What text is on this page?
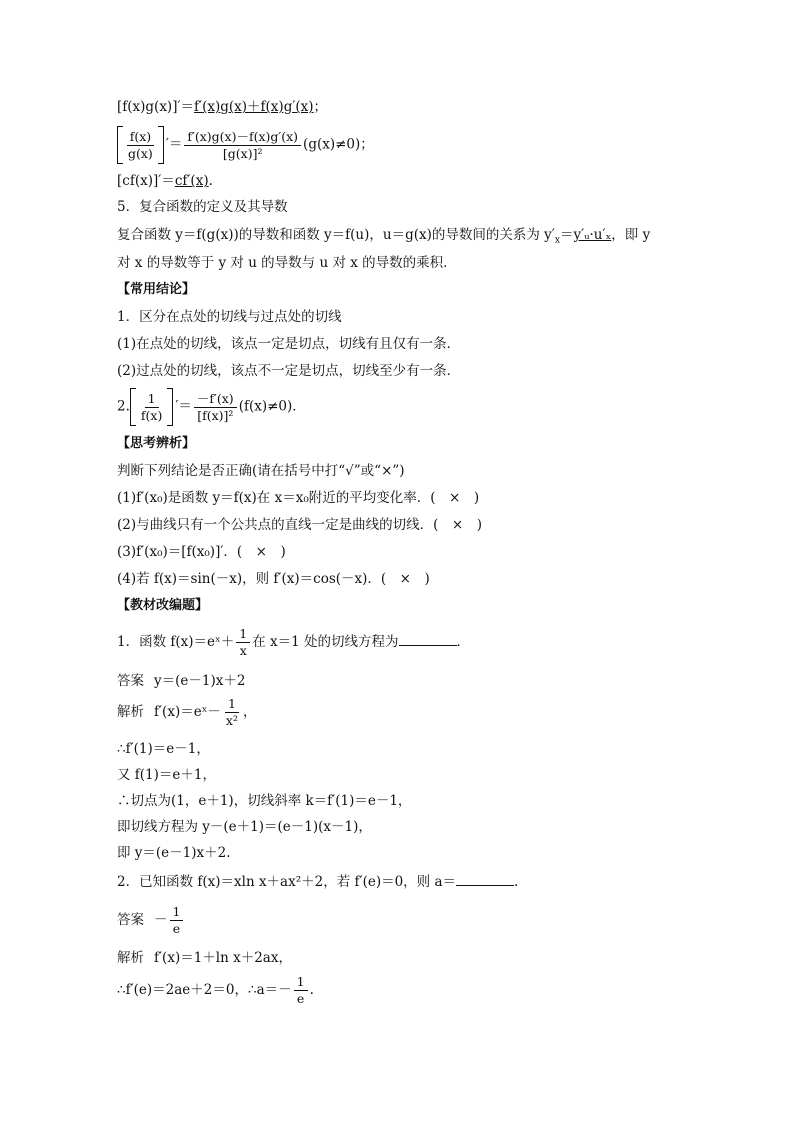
[f(x)g(x)]′＝f′(x)g(x)＋f(x)g′(x)；
$\frac{f(x)}{g(x)}$ ′＝ $\frac{f'(x)g(x)-f(x)g'(x)}{\text{[g(x)]²}} (g(x)\ne 0)$；
[cf(x)]′＝cf′(x).
5．复合函数的定义及其导数
复合函数 y＝f(g(x))的导数和函数 y＝f(u)，u＝g(x)的导数间的关系为 $y'_x=y'ᵤ\cdot u'_x$，即 y
对 x 的导数等于 y 对 u 的导数与 u 对 x 的导数的乘积．
【常用结论】
1．区分在点处的切线与过点处的切线
(1)在点处的切线，该点一定是切点，切线有且仅有一条．
(2)过点处的切线，该点不一定是切点，切线至少有一条．
2. $\frac{1}{f(x)}$ ′＝ $\frac{-f'(x)}{\text{[f(x)]²}} (f(x)\ne 0)$．
【思考辨析】
判断下列结论是否正确(请在括号中打“√”或“×”)
(1)f′(x₀)是函数 y＝f(x)在 x＝x₀附近的平均变化率．(　×　)
(2)与曲线只有一个公共点的直线一定是曲线的切线．(　×　)
(3)f′(x₀)＝[f(x₀)]′．(　×　)
(4)若 f(x)＝sin(－x)，则 f′(x)＝cos(－x)．(　×　)
【教材改编题】
1．函数 f(x)＝eˣ＋ $\frac{1}{x}$ 在 x＝1 处的切线方程为	．
答案 y＝(e－1)x＋2
解析 f′(x)＝eˣ－ $\frac{1}{\text{x²}}$ ，
∴f′(1)＝e－1，
又 f(1)＝e＋1，
∴切点为(1，e＋1)，切线斜率 k＝f′(1)＝e－1，
即切线方程为 y－(e＋1)＝(e－1)(x－1)，
即 y＝(e－1)x＋2.
2．已知函数 f(x)＝xln x＋ax²＋2，若 f′(e)＝0，则 a＝	.
答案 － $\frac{1}{e}$
解析 f′(x)＝1＋ln x＋2ax，
∴f′(e)＝2ae＋2＝0，∴a＝－ $\frac{1}{e}$ .
